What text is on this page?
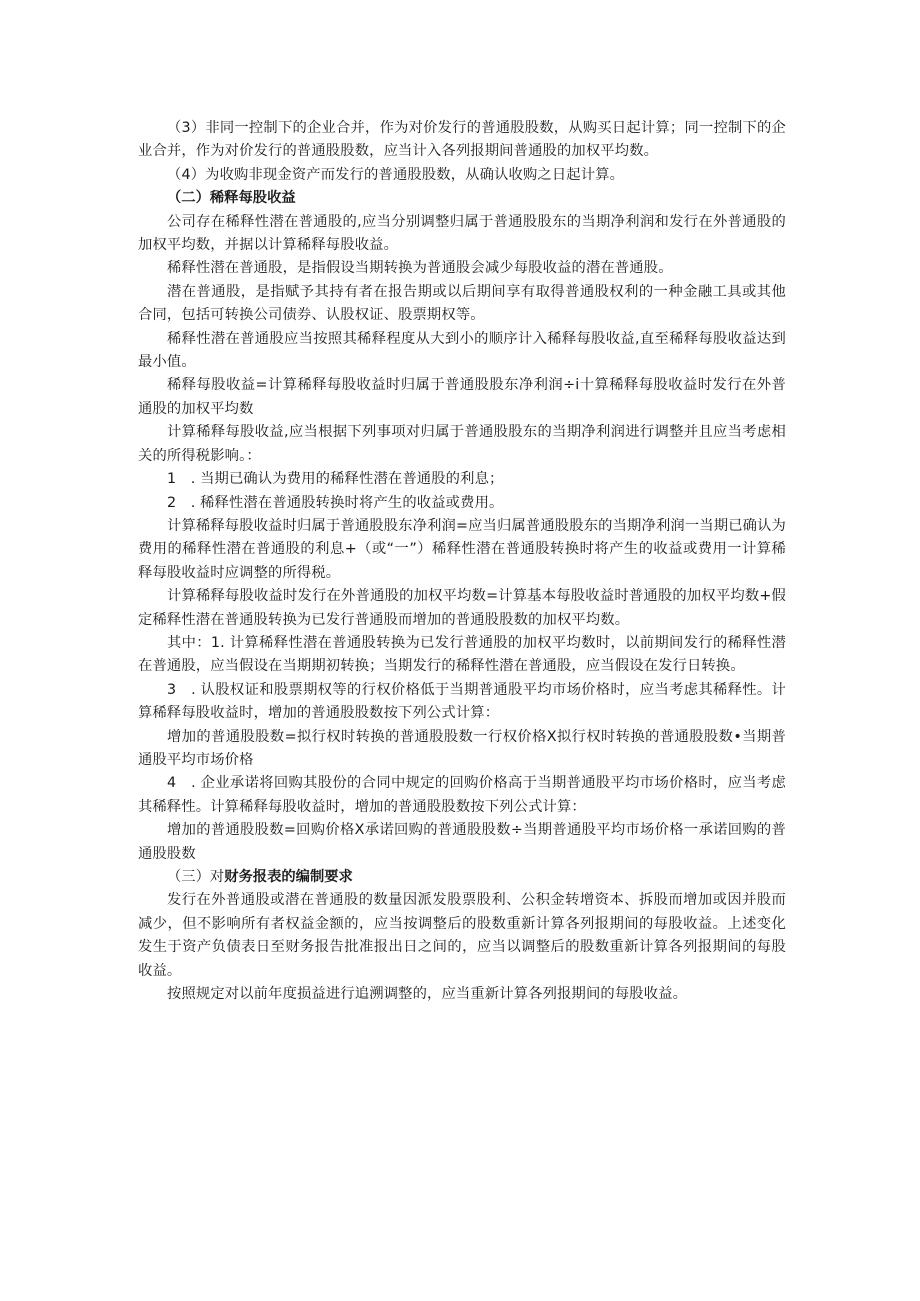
（3）非同一控制下的企业合并，作为对价发行的普通股股数，从购买日起计算；同一控制下的企业合并，作为对价发行的普通股股数，应当计入各列报期间普通股的加权平均数。

（4）为收购非现金资产而发行的普通股股数，从确认收购之日起计算。

（二）稀释每股收益

公司存在稀释性潜在普通股的,应当分别调整归属于普通股股东的当期净利润和发行在外普通股的加权平均数，并据以计算稀释每股收益。

稀释性潜在普通股，是指假设当期转换为普通股会减少每股收益的潜在普通股。

潜在普通股，是指赋予其持有者在报告期或以后期间享有取得普通股权利的一种金融工具或其他合同，包括可转换公司债券、认股权证、股票期权等。

稀释性潜在普通股应当按照其稀释程度从大到小的顺序计入稀释每股收益,直至稀释每股收益达到最小值。

稀释每股收益=计算稀释每股收益时归属于普通股股东净利润÷i十算稀释每股收益时发行在外普通股的加权平均数

计算稀释每股收益,应当根据下列事项对归属于普通股股东的当期净利润进行调整并且应当考虑相关的所得税影响。：

1　. 当期已确认为费用的稀释性潜在普通股的利息；

2　. 稀释性潜在普通股转换时将产生的收益或费用。

计算稀释每股收益时归属于普通股股东净利润=应当归属普通股股东的当期净利润一当期已确认为费用的稀释性潜在普通股的利息+（或“一”）稀释性潜在普通股转换时将产生的收益或费用一计算稀释每股收益时应调整的所得税。

计算稀释每股收益时发行在外普通股的加权平均数=计算基本每股收益时普通股的加权平均数+假定稀释性潜在普通股转换为已发行普通股而增加的普通股股数的加权平均数。

其中：1. 计算稀释性潜在普通股转换为已发行普通股的加权平均数时，以前期间发行的稀释性潜在普通股，应当假设在当期期初转换；当期发行的稀释性潜在普通股，应当假设在发行日转换。

3　. 认股权证和股票期权等的行权价格低于当期普通股平均市场价格时，应当考虑其稀释性。计算稀释每股收益时，增加的普通股股数按下列公式计算：

增加的普通股股数=拟行权时转换的普通股股数一行权价格X拟行权时转换的普通股股数•当期普通股平均市场价格

4　. 企业承诺将回购其股份的合同中规定的回购价格高于当期普通股平均市场价格时，应当考虑其稀释性。计算稀释每股收益时，增加的普通股股数按下列公式计算：

增加的普通股股数=回购价格X承诺回购的普通股股数÷当期普通股平均市场价格一承诺回购的普通股股数

（三）对财务报表的编制要求

发行在外普通股或潜在普通股的数量因派发股票股利、公积金转增资本、拆股而增加或因并股而减少，但不影响所有者权益金额的，应当按调整后的股数重新计算各列报期间的每股收益。上述变化发生于资产负债表日至财务报告批准报出日之间的，应当以调整后的股数重新计算各列报期间的每股收益。

按照规定对以前年度损益进行追溯调整的，应当重新计算各列报期间的每股收益。
